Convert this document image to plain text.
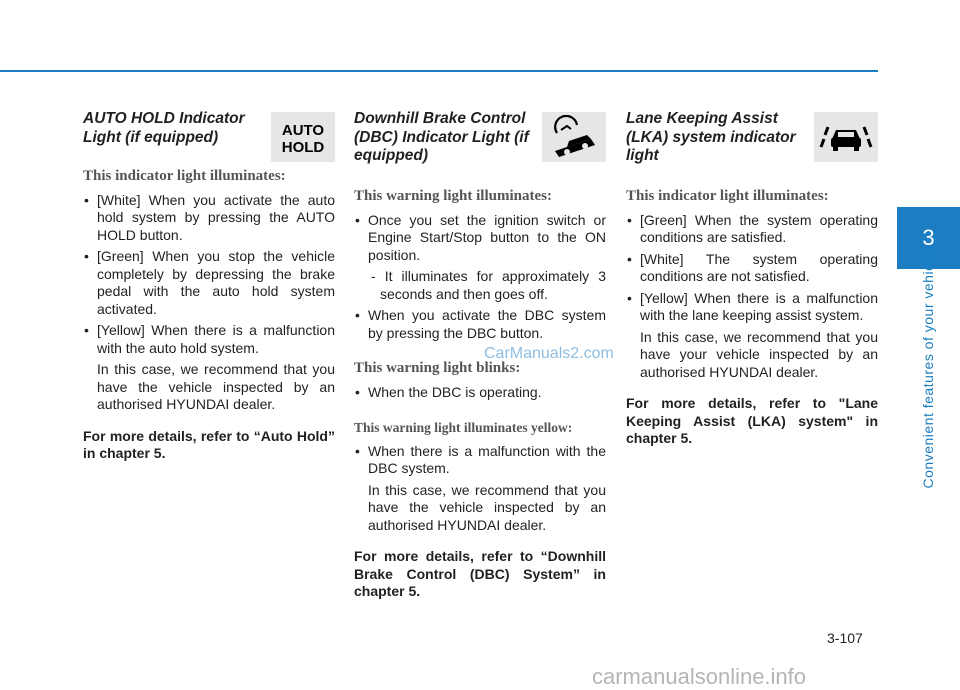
AUTO HOLD Indicator Light (if equipped)	AUTO
HOLD

This indicator light illuminates:

• [White] When you activate the auto hold system by pressing the AUTO HOLD button.
• [Green] When you stop the vehicle completely by depressing the brake pedal with the auto hold system activated.
• [Yellow] When there is a malfunction with the auto hold system.

In this case, we recommend that you have the vehicle inspected by an authorised HYUNDAI dealer.

For more details, refer to “Auto Hold” in chapter 5.

Downhill Brake Control (DBC) Indicator Light (if equipped)

This warning light illuminates:

• Once you set the ignition switch or Engine Start/Stop button to the ON position.

- It illuminates for approximately 3 seconds and then goes off.

• When you activate the DBC system by pressing the DBC button.

This warning light blinks:

• When the DBC is operating.

This warning light illuminates yellow:

• When there is a malfunction with the DBC system.

In this case, we recommend that you have the vehicle inspected by an authorised HYUNDAI dealer.

For more details, refer to “Downhill Brake Control (DBC) System” in chapter 5.

Lane Keeping Assist (LKA) system indicator light

This indicator light illuminates:

• [Green] When the system operating conditions are satisfied.
• [White] The system operating conditions are not satisfied.
• [Yellow] When there is a malfunction with the lane keeping assist system.

In this case, we recommend that you have your vehicle inspected by an authorised HYUNDAI dealer.

For more details, refer to "Lane Keeping Assist (LKA) system" in chapter 5.

CarManuals2.com
3
Convenient features of your vehicle
3-107
carmanualsonline.info
